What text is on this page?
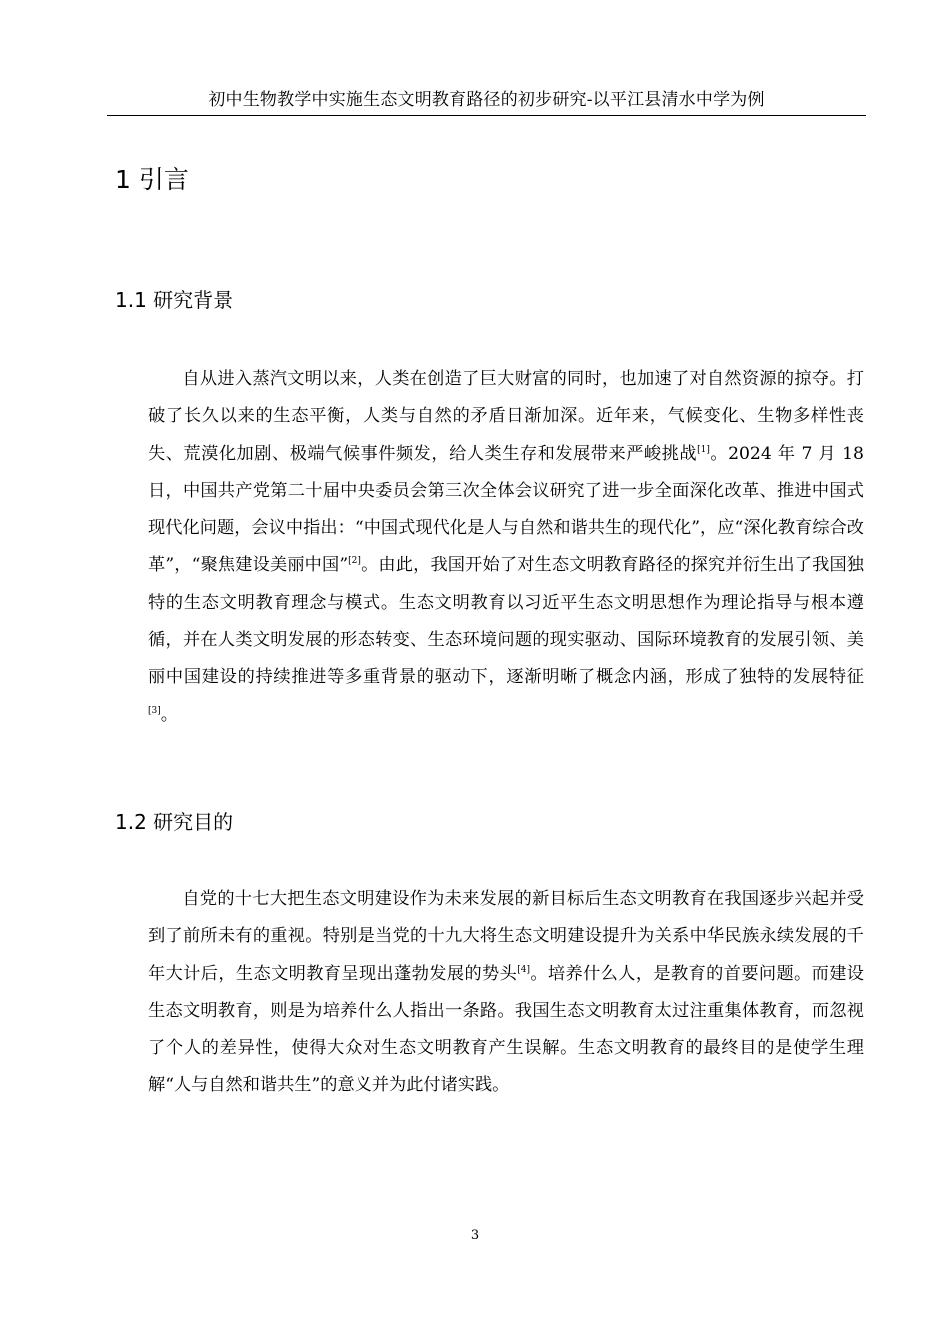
初中生物教学中实施生态文明教育路径的初步研究-以平江县清水中学为例
1 引言
1.1 研究背景

自从进入蒸汽文明以来，人类在创造了巨大财富的同时，也加速了对自然资源的掠夺。打破了长久以来的生态平衡，人类与自然的矛盾日渐加深。近年来，气候变化、生物多样性丧失、荒漠化加剧、极端气候事件频发，给人类生存和发展带来严峻挑战[1]。2024 年 7 月 18 日，中国共产党第二十届中央委员会第三次全体会议研究了进一步全面深化改革、推进中国式现代化问题，会议中指出：“中国式现代化是人与自然和谐共生的现代化”，应“深化教育综合改革”，“聚焦建设美丽中国”[2]。由此，我国开始了对生态文明教育路径的探究并衍生出了我国独特的生态文明教育理念与模式。生态文明教育以习近平生态文明思想作为理论指导与根本遵循，并在人类文明发展的形态转变、生态环境问题的现实驱动、国际环境教育的发展引领、美丽中国建设的持续推进等多重背景的驱动下，逐渐明晰了概念内涵，形成了独特的发展特征[3]。

1.2 研究目的

自党的十七大把生态文明建设作为未来发展的新目标后生态文明教育在我国逐步兴起并受到了前所未有的重视。特别是当党的十九大将生态文明建设提升为关系中华民族永续发展的千年大计后，生态文明教育呈现出蓬勃发展的势头[4]。培养什么人，是教育的首要问题。而建设生态文明教育，则是为培养什么人指出一条路。我国生态文明教育太过注重集体教育，而忽视了个人的差异性，使得大众对生态文明教育产生误解。生态文明教育的最终目的是使学生理解“人与自然和谐共生”的意义并为此付诸实践。

3
